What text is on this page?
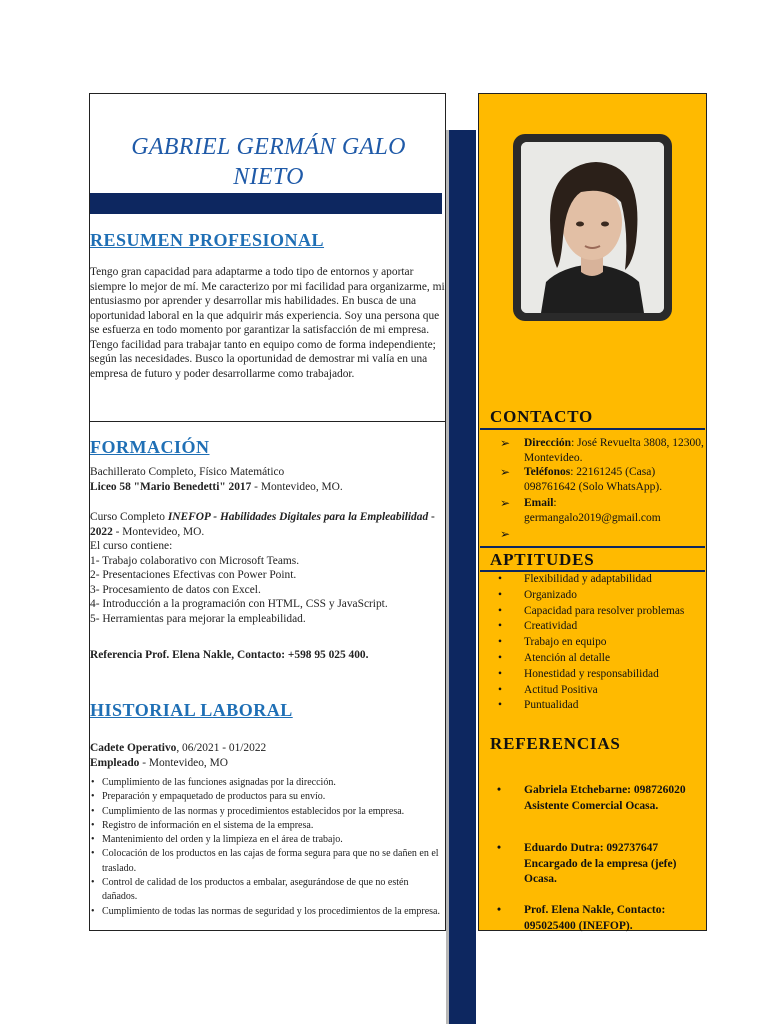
GABRIEL GERMÁN GALO
NIETO
RESUMEN PROFESIONAL
Tengo gran capacidad para adaptarme a todo tipo de entornos y aportar siempre lo mejor de mí. Me caracterizo por mi facilidad para organizarme, mi entusiasmo por aprender y desarrollar mis habilidades. En busca de una oportunidad laboral en la que adquirir más experiencia. Soy una persona que se esfuerza en todo momento por garantizar la satisfacción de mi empresa. Tengo facilidad para trabajar tanto en equipo como de forma independiente; según las necesidades. Busco la oportunidad de demostrar mi valía en una empresa de futuro y poder desarrollarme como trabajador.
FORMACIÓN
Bachillerato Completo, Físico Matemático
Liceo 58 "Mario Benedetti" 2017 - Montevideo, MO.
Curso Completo INEFOP - Habilidades Digitales para la Empleabilidad - 2022 - Montevideo, MO.
El curso contiene:
1- Trabajo colaborativo con Microsoft Teams.
2- Presentaciones Efectivas con Power Point.
3- Procesamiento de datos con Excel.
4- Introducción a la programación con HTML, CSS y JavaScript.
5- Herramientas para mejorar la empleabilidad.
Referencia Prof. Elena Nakle, Contacto: +598 95 025 400.
HISTORIAL LABORAL
Cadete Operativo, 06/2021 - 01/2022
Empleado - Montevideo, MO
• Cumplimiento de las funciones asignadas por la dirección.
• Preparación y empaquetado de productos para su envío.
• Cumplimiento de las normas y procedimientos establecidos por la empresa.
• Registro de información en el sistema de la empresa.
• Mantenimiento del orden y la limpieza en el área de trabajo.
• Colocación de los productos en las cajas de forma segura para que no se dañen en el traslado.
• Control de calidad de los productos a embalar, asegurándose de que no estén dañados.
• Cumplimiento de todas las normas de seguridad y los procedimientos de la empresa.
CONTACTO
➢ Dirección: José Revuelta 3808, 12300, Montevideo.
➢ Teléfonos: 22161245 (Casa) 098761642 (Solo WhatsApp).
➢ Email:
germangalo2019@gmail.com
➢
APTITUDES
• Flexibilidad y adaptabilidad
• Organizado
• Capacidad para resolver problemas
• Creatividad
• Trabajo en equipo
• Atención al detalle
• Honestidad y responsabilidad
• Actitud Positiva
• Puntualidad
REFERENCIAS
• Gabriela Etchebarne: 098726020 Asistente Comercial Ocasa.
• Eduardo Dutra: 092737647 Encargado de la empresa (jefe) Ocasa.
• Prof. Elena Nakle, Contacto: 095025400 (INEFOP).
